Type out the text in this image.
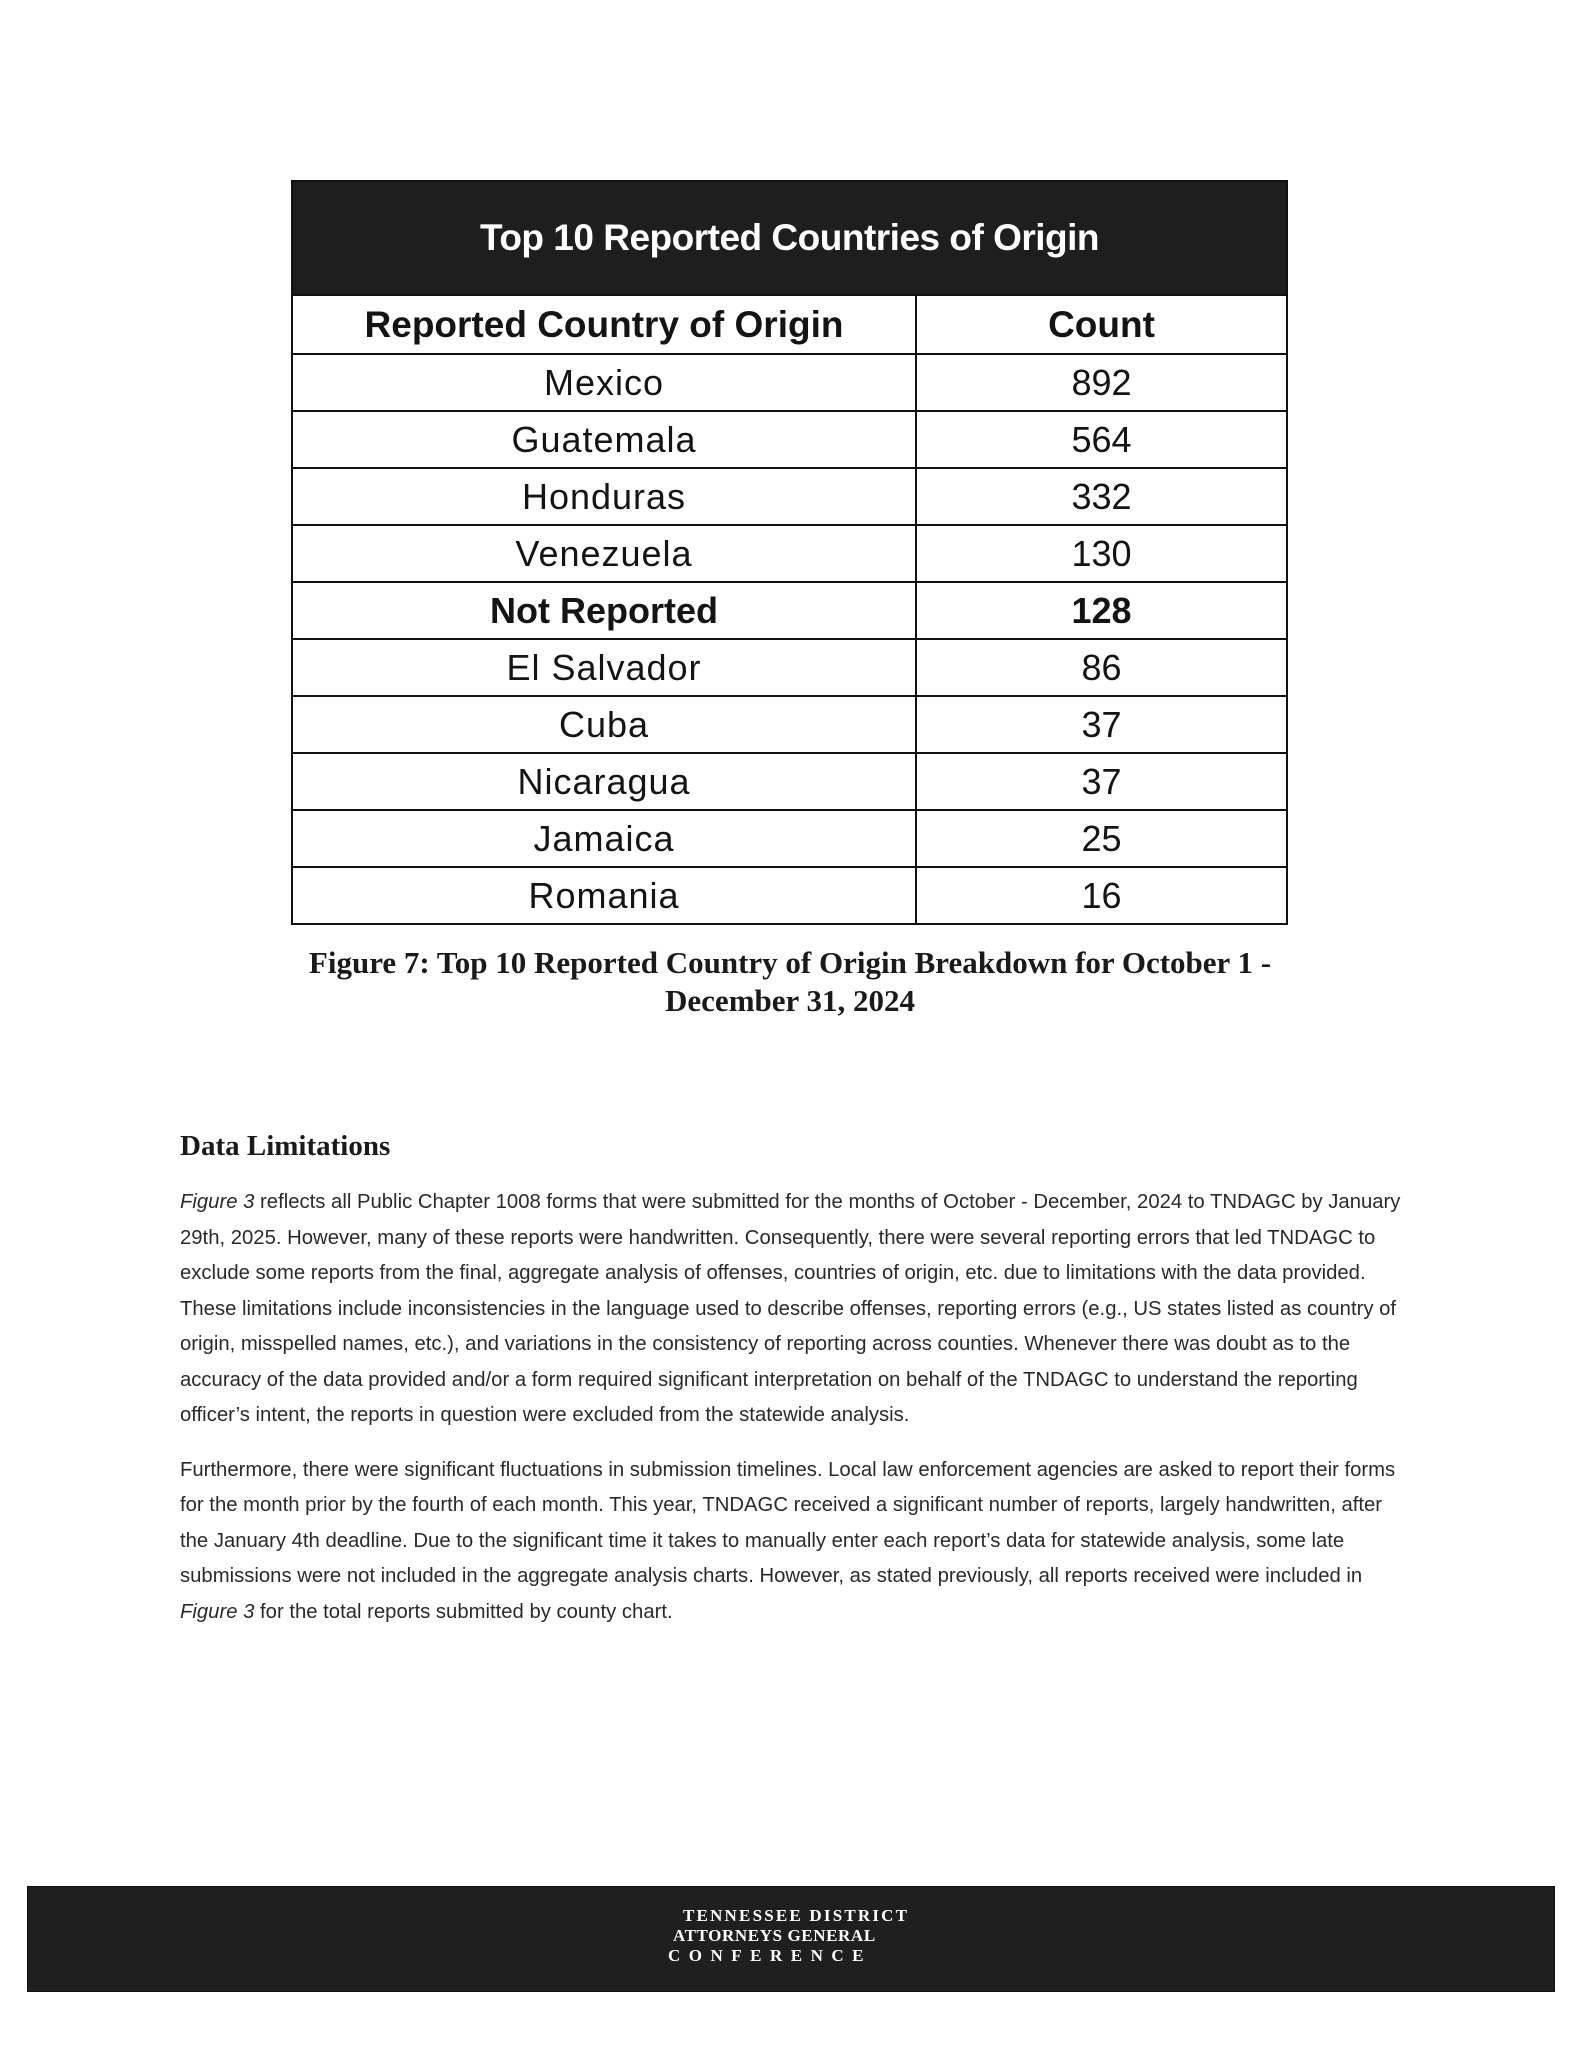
Top 10 Reported Countries of Origin
Reported Country of Origin	Count
Mexico	892
Guatemala	564
Honduras	332
Venezuela	130
Not Reported	128
El Salvador	86
Cuba	37
Nicaragua	37
Jamaica	25
Romania	16
Figure 7: Top 10 Reported Country of Origin Breakdown for October 1 -
December 31, 2024
Data Limitations

Figure 3 reflects all Public Chapter 1008 forms that were submitted for the months of October - December, 2024 to TNDAGC by January 29th, 2025. However, many of these reports were handwritten. Consequently, there were several reporting errors that led TNDAGC to exclude some reports from the final, aggregate analysis of offenses, countries of origin, etc. due to limitations with the data provided. These limitations include inconsistencies in the language used to describe offenses, reporting errors (e.g., US states listed as country of origin, misspelled names, etc.), and variations in the consistency of reporting across counties. Whenever there was doubt as to the accuracy of the data provided and/or a form required significant interpretation on behalf of the TNDAGC to understand the reporting officer’s intent, the reports in question were excluded from the statewide analysis.

Furthermore, there were significant fluctuations in submission timelines. Local law enforcement agencies are asked to report their forms for the month prior by the fourth of each month. This year, TNDAGC received a significant number of reports, largely handwritten, after the January 4th deadline. Due to the significant time it takes to manually enter each report’s data for statewide analysis, some late submissions were not included in the aggregate analysis charts. However, as stated previously, all reports received were included in Figure 3 for the total reports submitted by county chart.

TENNESSEE DISTRICT
ATTORNEYS GENERAL
CONFERENCE
